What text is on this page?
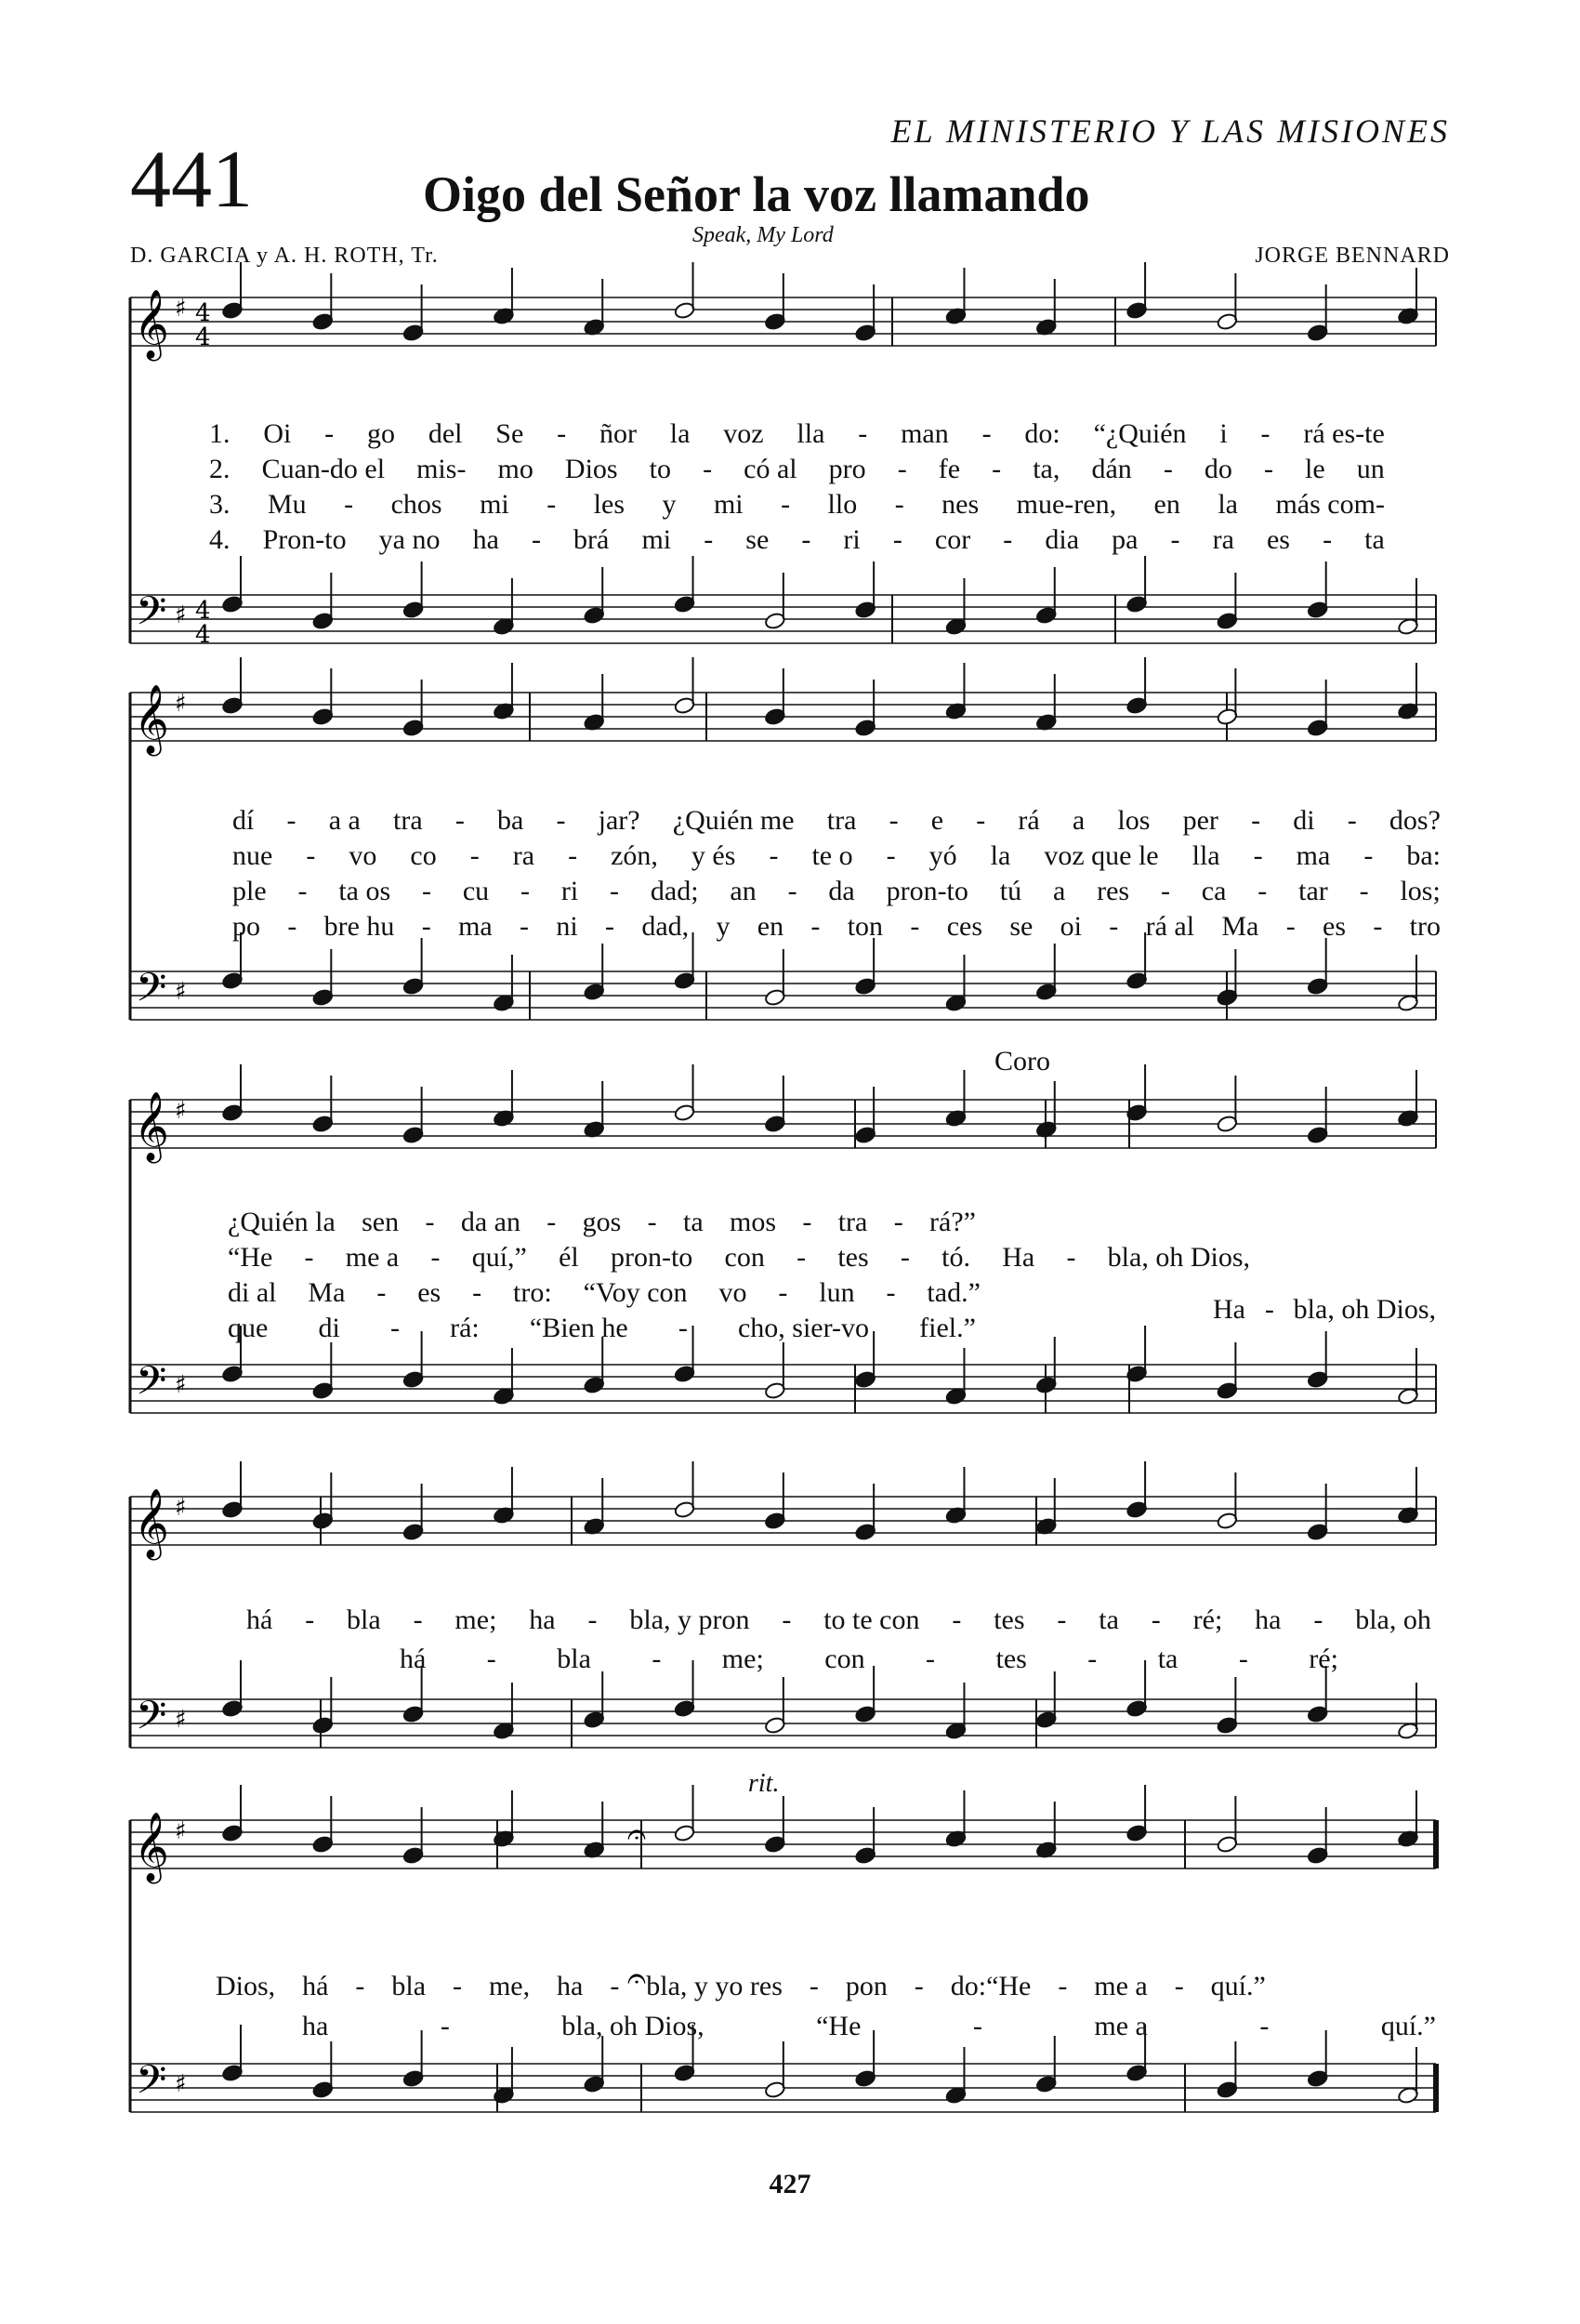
EL MINISTERIO Y LAS MISIONES
441	Oigo del Señor la voz llamando
Speak, My Lord
D. GARCIA y A. H. ROTH, Tr.	JORGE BENNARD
𝄞
𝄢
♯
♯
4
4
4
4
𝄞
𝄢
♯
♯
𝄞
𝄢
♯
♯
𝄞
𝄢
♯
♯
𝄞
𝄢
♯
♯
𝄐
𝄐
1. Oi - go del Se - ñor la voz lla - man - do: “¿Quién i - rá es-te
2. Cuan-do el mis- mo Dios to - có al pro - fe - ta, dán - do - le un
3. Mu - chos mi - les y mi - llo - nes mue-ren, en la más com-
4. Pron-to ya no ha - brá mi - se - ri - cor - dia pa - ra es - ta
dí - a a tra - ba - jar? ¿Quién me tra - e - rá a los per - di - dos?
nue - vo co - ra - zón, y és - te o - yó la voz que le lla - ma - ba:
ple - ta os - cu - ri - dad; an - da pron-to tú a res - ca - tar - los;
po - bre hu - ma - ni - dad, y en - ton - ces se oi - rá al Ma - es - tro
¿Quién la sen - da an - gos - ta mos - tra - rá?”
“He - me a - quí,” él pron-to con - tes - tó. Ha - bla, oh Dios,
di al Ma - es - tro: “Voy con vo - lun - tad.”
que di - rá: “Bien he - cho, sier-vo fiel.”
Ha - bla, oh Dios,
há - bla - me; ha - bla, y pron - to te con - tes - ta - ré; ha - bla, oh
há - bla - me; con - tes - ta - ré;
Dios, há - bla - me, ha - bla, y yo res - pon - do:“He - me a - quí.”
ha	-	bla, oh Dios,	“He	-	me a	-	quí.”
Coro
rit.
427
